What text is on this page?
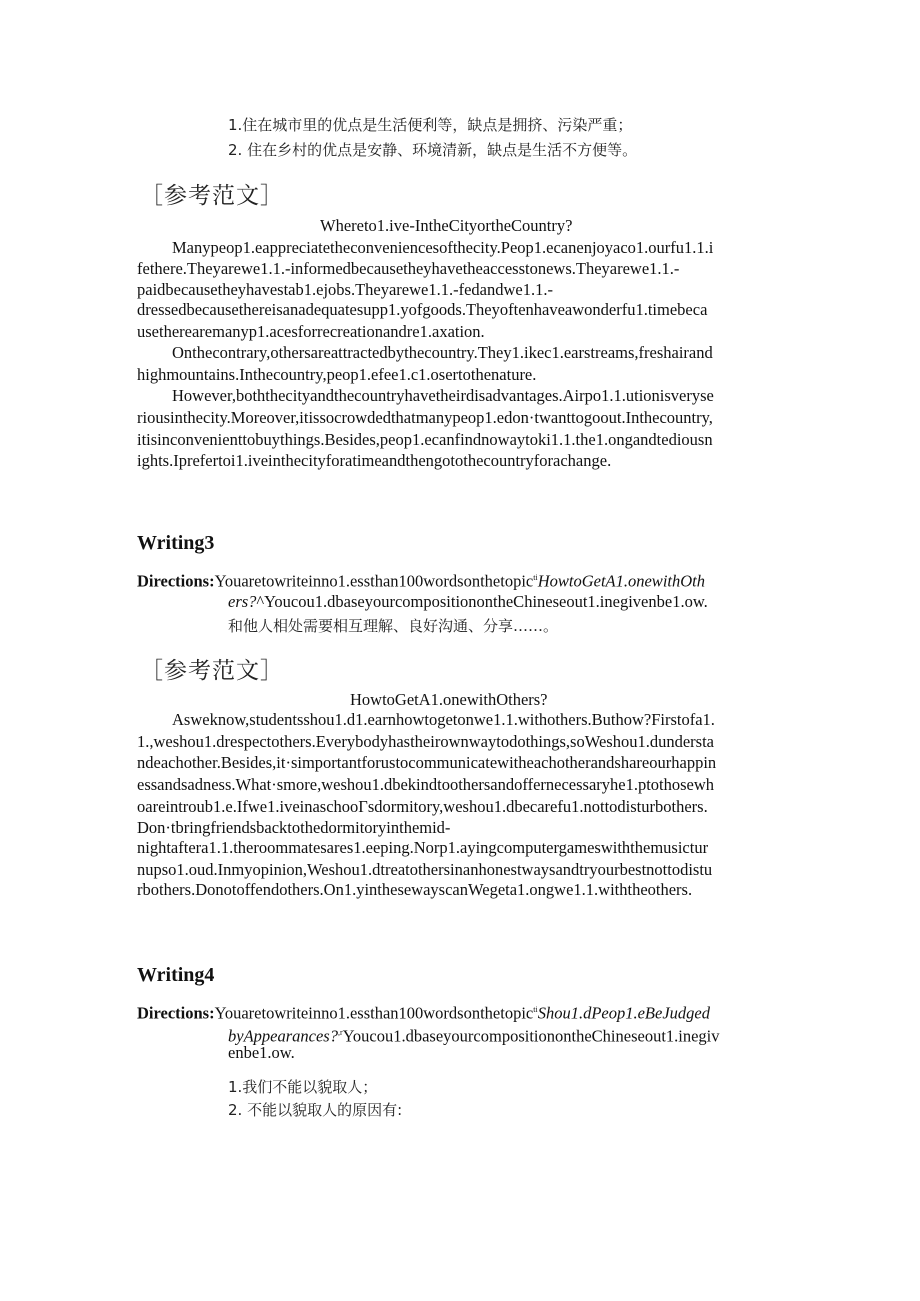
1.住在城市里的优点是生活便利等，缺点是拥挤、污染严重；
2. 住在乡村的优点是安静、环境清新，缺点是生活不方便等。
［参考范文］
Whereto1.ive-IntheCityortheCountry?
Manypeop1.eappreciatetheconveniencesofthecity.Peop1.ecanenjoyaco1.ourfu1.1.i
fethere.Theyarewe1.1.-informedbecausetheyhavetheaccesstonews.Theyarewe1.1.-
paidbecausetheyhavestab1.ejobs.Theyarewe1.1.-fedandwe1.1.-
dressedbecausethereisanadequatesupp1.yofgoods.Theyoftenhaveawonderfu1.timebeca
usetherearemanyp1.acesforrecreationandre1.axation.
Onthecontrary,othersareattractedbythecountry.They1.ikec1.earstreams,freshairand
highmountains.Inthecountry,peop1.efee1.c1.osertothenature.
However,boththecityandthecountryhavetheirdisadvantages.Airpo1.1.utionisveryse
riousinthecity.Moreover,itissocrowdedthatmanypeop1.edon·twanttogoout.Inthecountry,
itisinconvenienttobuythings.Besides,peop1.ecanfindnowaytoki1.1.the1.ongandtediousn
ights.Iprefertoi1.iveinthecityforatimeandthengotothecountryforachange.
Writing3
Directions:Youaretowriteinno1.essthan100wordsonthetopic$^{ti}$HowtoGetA1.onewithOth
ers?^Youcou1.dbaseyourcompositionontheChineseout1.inegivenbe1.ow.
和他人相处需要相互理解、良好沟通、分享……。
［参考范文］
HowtoGetA1.onewithOthers?
Asweknow,studentsshou1.d1.earnhowtogetonwe1.1.withothers.Buthow?Firstofa1.
1.,weshou1.drespectothers.Everybodyhastheirownwaytodothings,soWeshou1.dundersta
ndeachother.Besides,it·simportantforustocommunicatewitheachotherandshareourhappin
essandsadness.What·smore,weshou1.dbekindtoothersandoffernecessaryhe1.ptothosewh
oareintroub1.e.Ifwe1.iveinaschooΓsdormitory,weshou1.dbecarefu1.nottodisturbothers.
Don·tbringfriendsbacktothedormitoryinthemid-
nightaftera1.1.theroommatesares1.eeping.Norp1.ayingcomputergameswiththemusictur
nupso1.oud.Inmyopinion,Weshou1.dtreatothersinanhonestwaysandtryourbestnottodistu
rbothers.Donotoffendothers.On1.yinthesewayscanWegeta1.ongwe1.1.withtheothers.
Writing4
Directions:Youaretowriteinno1.essthan100wordsonthetopic$^{ti}$Shou1.dPeop1.eBeJudged
byAppearances?$^{,r}$Youcou1.dbaseyourcompositionontheChineseout1.inegiv
enbe1.ow.
1.我们不能以貌取人；
2. 不能以貌取人的原因有:
